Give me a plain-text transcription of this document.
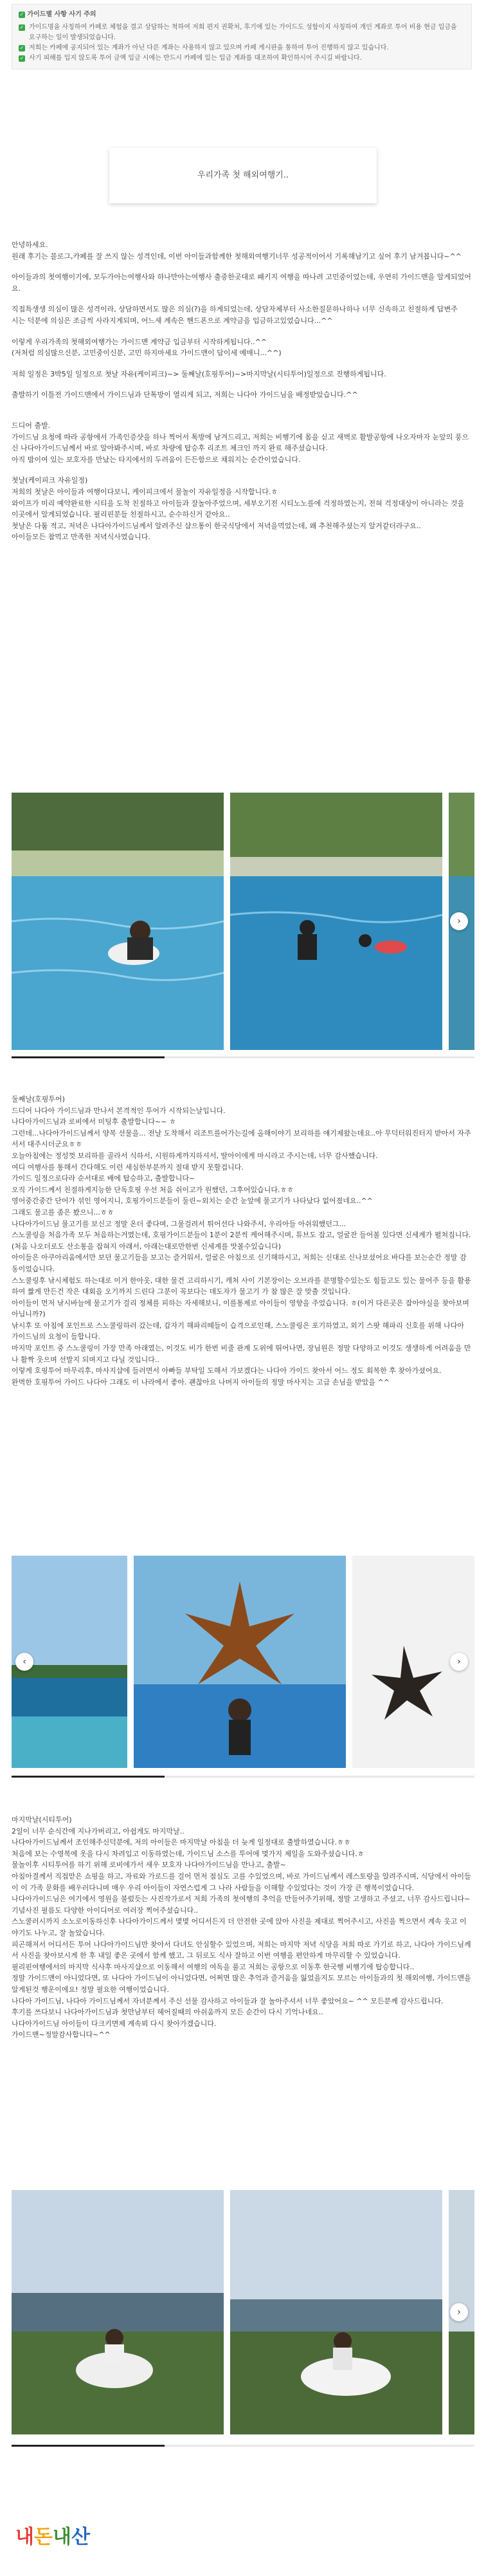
✓ 가이드별 사항 사기 주의
✓ 가이드명을 사칭하여 카페로 체험을 결고 상담하는 척하여 저희 편지 권확처, 후기에 있는 가이드도 성함이지 사칭하여 개인 계좌로 투어 비용 현금 입금을 요구하는 일이 발생되었습니다.
✓ 저희는 카페에 공지되어 있는 계좌가 아닌 다른 계좌는 사용하지 않고 있으며 카페 게시판을 통하여 투어 진행하지 않고 있습니다.
✓ 사기 피해를 입지 않도록 투어 금액 입금 시에는 반드시 카페에 있는 입금 계좌를 대조하여 확인하시어 주시길 바랍니다.
우리가족 첫 해외여행기..

안녕하세요.

원래 후기는 블로그,카페를 잘 쓰지 않는 성격인데, 이번 아이들과함께한 첫해외여행기너무 성공적이어서 기록해남기고 싶어 후기 남겨봅니다~^^

아이들과의 첫여행이기에, 모두가아는여행사와 하나만아는여행사 출중한곳대로 패키지 여행을 따나려 고민중이었는데, 우연히 가이드맨을 알게되었어요.

직접특생생 의심이 많은 성격이라, 상담하면서도 많은 의심(?)을 하게되었는데, 상담자체부터 사소한질문하나하나 너무 신속하고 친절하게 답변주

시는 덕분에 의심은 조금씩 사라지게되며, 어느새 계속은 핸드폰으로 계약금을 입금하고있었습니다...^^

이렇게 우리가족의 첫해외여행가는 가이드맨 계약금 입금부터 시작하게됩니다..^^

(저처럼 의심많으신분, 고민중이신분, 고민 하지마세요 가이드맨이 답이세 예매니...^^)

저희 일정은 3박5일 일정으로 첫날 자유(케이피크)~> 둘째날(호핑투어)~>마지막날(시티투어)일정으로 진행하게됩니다.

출발하기 이틀전 가이드맨에서 가이드님과 단톡방이 열리게 되고, 저희는 나다아 가이드님을 배정받았습니다.^^

드디어 출발.

가이드님 요청에 따라 공항에서 가족인증샷을 하나 찍어서 톡방에 남겨드리고, 저희는 비행기에 몸을 싣고 새벽로 활발공항에 나오자마자 눈앞의 풍으신 나다아가이드님께서 바로 알아봐주시며, 바로 차량에 탑승후 리조트 체크인 까지 완료 해주셨습니다.

아직 밤이여 있는 보호자를 만났는 타지에서의 두려움이 든든함으로 채워지는 순간이었습니다.

첫날(케이피크 자유일정)

저희의 첫날은 아이들과 여행이다보니, 케이피크에서 물놀이 자유일정을 시작합니다.ㅎ

와이프가 미리 예약완료한 시티을 도착 친절하고 아이들과 잘놀아주었으며, 세부오기전 시티노노를에 걱정하였는지, 전혀 걱정대상이 아니라는 것을 이곳에서 알게되었습니다. 필리핀분들 친절하시고, 순수하신거 같아요..

첫날은 다툼 적고, 저녁은 나다아가이드님께서 알려주신 샵으통이 한국식당에서 저녁을먹었는데, 왜 추천해주셨는지 알거같더라구요..

아이들모든 참먹고 만족한 저녁식사였습니다.

›

둘째날(호핑투어)

드디어 나다아 가이드님과 만나서 본격적인 투어가 시작되는날입니다.

나다아가이드님과 로비에서 미팅후 출발합니다~~ ㅎ

그런데...나다아가이드님께서 양복 선물을... 전날 도착해서 리조트를어가는길에 올해이야기 보리하를 얘기제왔는데요..아 무덕터워진터지 받아서 자주서서 대주시더군요ㅎㅎ

오늘아침에는 정성껏 보리하를 골라서 식하서, 시원하게까지하셔서, 딸아이에게 마시라고 주시는데, 너무 감사했습니다.

여디 여행사를 통해서 간다해도 이런 세심한부분까지 절대 받지 못할겁니다.

가이드 일정으로다라 순서대로 배에 탑승하고, 출발합니다~

오직 가이드께서 친절하게지능한 단독호핑 우선 처음 쉬이고가 원했던, 그후어있습니다.ㅎㅎ

영어중간중간 단어가 섞인 영어지니, 호핑가이드분들이 둘린~외치는 순간 눈앞에 물고기가 나타났다 없어졌네요..^^

그래도 물고를 좀은 봤으니...ㅎㅎ

나다아가이드님 물고기를 보신고 정말 온더 좋다며, 그물걸려서 튀어선다 나와주셔, 우리아들 아쉬워했던그...

스노쿨링을 처음가족 모두 처음하는거였는데, 호핑가이드분들이 1분이 2분씩 케어해주시며, 튜브도 잡고, 얼굴잔 들어볼 있다면 신세계가 펼쳐집니다.(처음 나오더로도 산소통을 잡혀지 아래서, 아래는대로만한번 신세계를 맛볼수있습니다)

아이들은 아쿠아리움에서만 보던 물고기들을 보고는 즐거워서, 얼굴은 아침으로 신기해하시고, 저희는 신대로 신나보셨어요 바다를 보는순간 정말 감동이었습니다.

스노쿨링후 낚시체험도 하는대로 이거 한아웃, 대한 물건 고리하시기, 캐처 사이 기본장이는 오브라를 분명할수있는도 힘들고도 있는 물어주 등을 활용하여 짧게 만든건 작은 대회을 오기까지 드린다 그분이 꼭보다는 데도자가 물고기 가 참 많은 잘 맞출 것입니다.

아이들이 먼저 낚시바늘에 물고기가 걸리 정체를 피하는 자세해보니, 이를통제로 아이들이 영향을 주었습니다. ㅎ(이거 다른곳은 잡아야실을 찾아보며 아닙니까?)

낚시후 또 아침에 포인트로 스노쿨링하러 갔는데, 갑자기 해파리떼들이 습격으로인해, 스노쿨링은 포기하였고, 외기 스팟 해파리 신호를 위해 나다아 가이드님의 요청이 들합니다.

마지막 포인트 중 스노쿨링이 가장 만족 아래였는, 이것도 비가 한번 비줄 관계 도위에 뛰어나면, 장님원은 정말 다양하고 이것도 생생하게 어려움을 만나 활짝 웃으며 선발지 되며지고 다닐 것입니다..

이렇게 호핑투어 마무리후, 마사지샵에 들러면서 아빠들 부탁일 도해서 가보겠다는 나다아 가이드 찾아서 어느 정도 회복한 후 찾아가셨어요.

완벽한 호핑투어 가이드 나다아 그래도 이 나라에서 좋아. 괜찮아요 나머지 아이들의 정말 마사지는 고급 손님을 받았을 ^^

‹	›

마지막날(시티투어)

2일이 너무 순식간에 지나가버리고, 아쉽게도 마지막날..

나다아가이드님께서 조인해주신덕분에, 저의 아이들은 마지막날 아침을 더 늦게 일정대로 출발하였습니다.ㅎㅎ

처음에 보는 수영복에 옷을 다시 차려입고 이동하였는데, 가이드님 소스를 투어에 몇가지 제일을 도와주셨습니다.ㅎ

물놀이후 시티투어를 하기 위해 로비에가서 새우 보호자 나다아가이드님을 만나고, 출발~

아침아결께서 직접맏은 쇼핑을 하고, 자료와 가로드를 걸어 먼저 점심도 고를 수있었으며, 바로 가이드님께서 레스토랑을 알려주시며, 식당에서 아이들이 이 가족 문화를 배우러다니며 매우 우리 아이들이 자연스럽게 그 나라 사람들을 이해할 수있었다는 것이 가장 큰 행복이었습니다.

나다아가이드님은 여기에서 영원을 불렀듯는 사진작가로서 저희 가족의 첫여행의 추억을 만들어주기위해, 정말 고생하고 주셨고, 너무 감사드립니다~ 기념사진 필름도 다양한 아이디어로 여러장 찍어주셨습니다..

스노쿨러시까지 소노로이동하신후 나다아가이드께서 몇몇 어디서든지 더 안전한 곳에 앉아 사진을 제대로 찍어주시고, 사진을 찍으면서 계속 웃고 이야기도 나누고, 잘 놀았습니다.

피곤해져서 어디서든 투어 나다아가이드님만 찾아서 다녀도 안심할수 있었으며, 저희는 마지막 저녁 식당을 저희 따로 가기로 하고, 나다아 가이드님께서 사진을 찾아보시게 한 후 내일 좋은 곳에서 함께 했고, 그 뒤로도 식사 잘하고 이번 여행을 편안하게 마무리할 수 있었습니다.

필리핀여행에서의 마지막 식사후 마사지샵으로 이동해서 여행의 여독을 풀고 저희는 공항으로 이동후 한국행 비행기에 탑승합니다..

정말 가이드맨이 아니었다면, 또 나다아 가이드님이 아니었다면, 어쩌면 많은 추억과 즐거움을 잃었을지도 모르는 아이들과의 첫 해외여행, 가이드맨을 알게된것 행운이에요! 정말 필요한 여행이었습니다.

나다아 가이드님, 나다아 가이드님께서 자녀분께서 주신 선물 감사하고 아이들과 잘 놀아주셔서 너무 좋았어요~ ^^ 모든분께 감사드립니다.

후기를 쓰다보니 나다아가이드님과 첫만남부터 헤어질때의 아쉬움까지 모든 순간이 다시 기억나네요..

나다아가이드님 아이들이 다크키면제 계속뵈 다시 찾아가겠습니다.

가이드맨~정말감사합니다~^^

›
내돈내산
